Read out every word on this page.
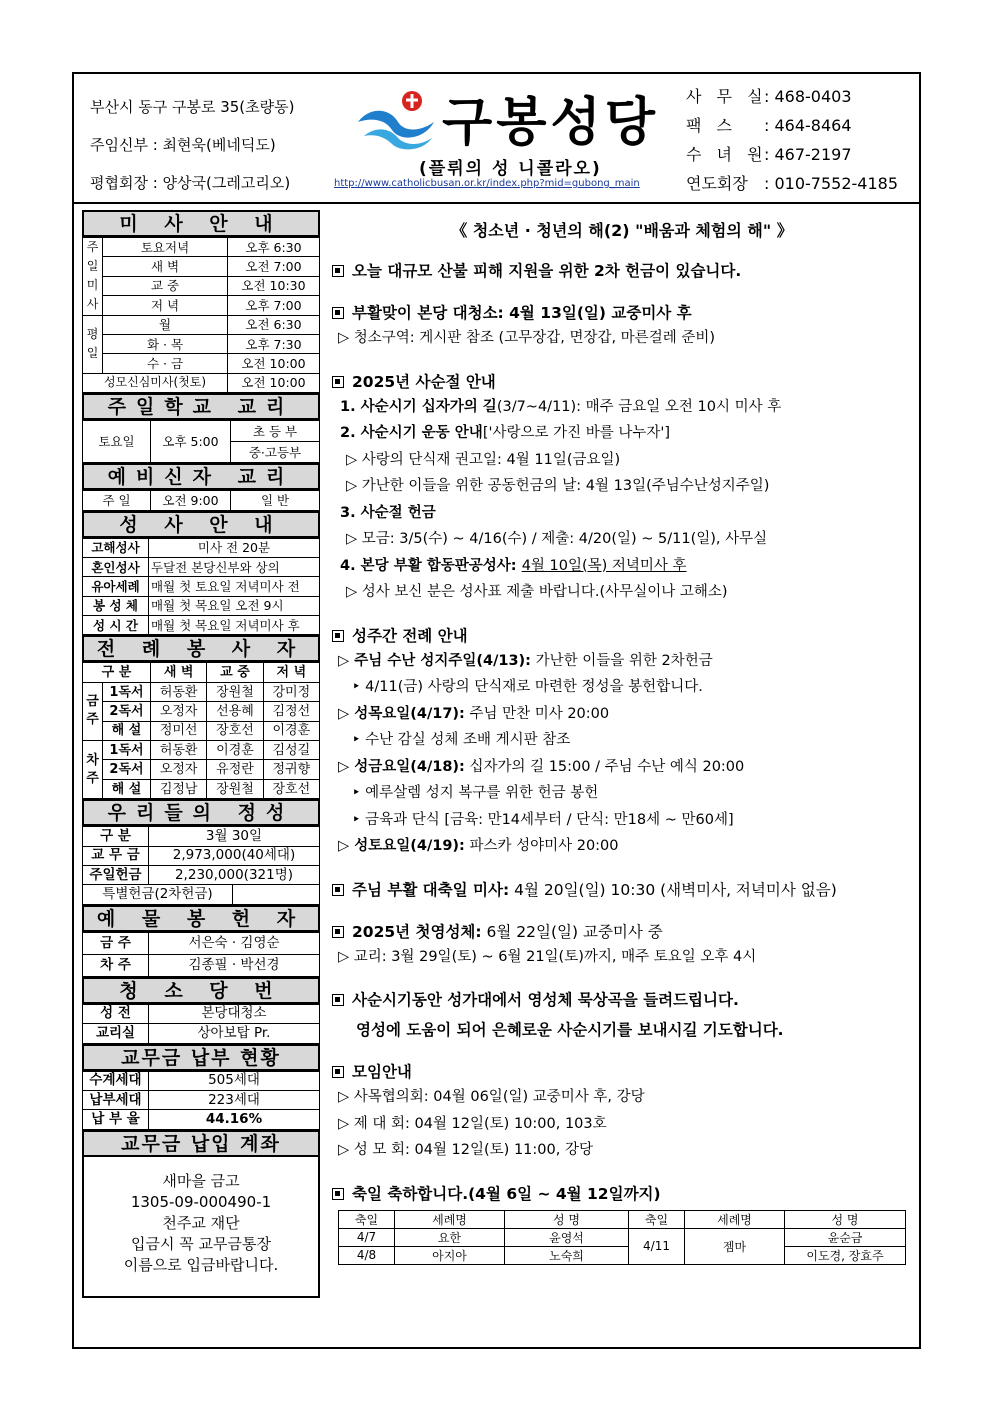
부산시 동구 구봉로 35(초량동)
주임신부 : 최현욱(베네딕도)
평협회장 : 양상국(그레고리오)
구봉성당
(플뤼의 성 니콜라오)
http://www.catholicbusan.or.kr/index.php?mid=gubong_main
사 무 실
: 468-0403
팩 스	: 464-8464
수 녀 원
: 467-2197
연도회장	: 010-7552-4185
미 사 안 내
주일미사	토요저녁	오후 6:30
	새 벽	오전 7:00
	교 중	오전 10:30
	저 녁	오후 7:00
평일	월	오전 6:30
	화 · 목	오후 7:30
	수 · 금	오전 10:00
성모신심미사(첫토)		오전 10:00
주일학교 교리
토요일	오후 5:00	초 등 부
중·고등부
예비신자 교리
주 일	오전 9:00	일 반
성 사 안 내
고해성사	미사 전 20분
혼인성사	두달전 본당신부와 상의
유아세례	매월 첫 토요일 저녁미사 전
봉 성 체	매월 첫 목요일 오전 9시
성 시 간	매월 첫 목요일 저녁미사 후
전 례 봉 사 자
구 분		새 벽	교 중	저 녁
금주	1독서	허동환	장원철	강미정
	2독서	오정자	선용혜	김정선
	해 설	정미선	장호선	이경훈
차주	1독서	허동환	이경훈	김성길
	2독서	오정자	유정란	정귀향
	해 설	김정남	장원철	장호선
우리들의 정성
구 분	3월 30일	
교 무 금	2,973,000(40세대)	
주일헌금	2,230,000(321명)	
특별헌금(2차헌금)		
예 물 봉 헌 자
금 주	서은숙 · 김영순
차 주	김종필 · 박선경
청 소 당 번
성 전	본당대청소
교리실	상아보탑 Pr.
교무금 납부 현황
수계세대	505세대
납부세대	223세대
납 부 율	44.16%
교무금 납입 계좌
새마을 금고
1305-09-000490-1
천주교 재단
입금시 꼭 교무금통장
이름으로 입금바랍니다.
《 청소년 · 청년의 해(2) "배움과 체험의 해" 》
오늘 대규모 산불 피해 지원을 위한 2차 헌금이 있습니다.
부활맞이 본당 대청소: 4월 13일(일) 교중미사 후
▷ 청소구역: 게시판 참조 (고무장갑, 면장갑, 마른걸레 준비)
2025년 사순절 안내
1. 사순시기 십자가의 길(3/7~4/11): 매주 금요일 오전 10시 미사 후
2. 사순시기 운동 안내['사랑으로 가진 바를 나누자']
▷ 사랑의 단식재 권고일: 4월 11일(금요일)
▷ 가난한 이들을 위한 공동헌금의 날: 4월 13일(주님수난성지주일)
3. 사순절 헌금
▷ 모금: 3/5(수) ~ 4/16(수) / 제출: 4/20(일) ~ 5/11(일), 사무실
4. 본당 부활 합동판공성사: 4월 10일(목) 저녁미사 후
▷ 성사 보신 분은 성사표 제출 바랍니다.(사무실이나 고해소)
성주간 전례 안내
▷ 주님 수난 성지주일(4/13): 가난한 이들을 위한 2차헌금
‣ 4/11(금) 사랑의 단식재로 마련한 정성을 봉헌합니다.
▷ 성목요일(4/17): 주님 만찬 미사 20:00
‣ 수난 감실 성체 조배 게시판 참조
▷ 성금요일(4/18): 십자가의 길 15:00 / 주님 수난 예식 20:00
‣ 예루살렘 성지 복구를 위한 헌금 봉헌
‣ 금육과 단식 [금육: 만14세부터 / 단식: 만18세 ~ 만60세]
▷ 성토요일(4/19): 파스카 성야미사 20:00
주님 부활 대축일 미사: 4월 20일(일) 10:30 (새벽미사, 저녁미사 없음)
2025년 첫영성체: 6월 22일(일) 교중미사 중
▷ 교리: 3월 29일(토) ~ 6월 21일(토)까지, 매주 토요일 오후 4시
사순시기동안 성가대에서 영성체 묵상곡을 들려드립니다.
영성에 도움이 되어 은혜로운 사순시기를 보내시길 기도합니다.
모임안내
▷ 사목협의회: 04월 06일(일) 교중미사 후, 강당
▷ 제 대 회: 04월 12일(토) 10:00, 103호
▷ 성 모 회: 04월 12일(토) 11:00, 강당
축일 축하합니다.(4월 6일 ~ 4월 12일까지)
축일	세례명	성 명	축일	세례명	성 명
4/7	요한	윤영석	4/11	젬마	윤순금
4/8	아지아	노숙희			이도경, 장효주
